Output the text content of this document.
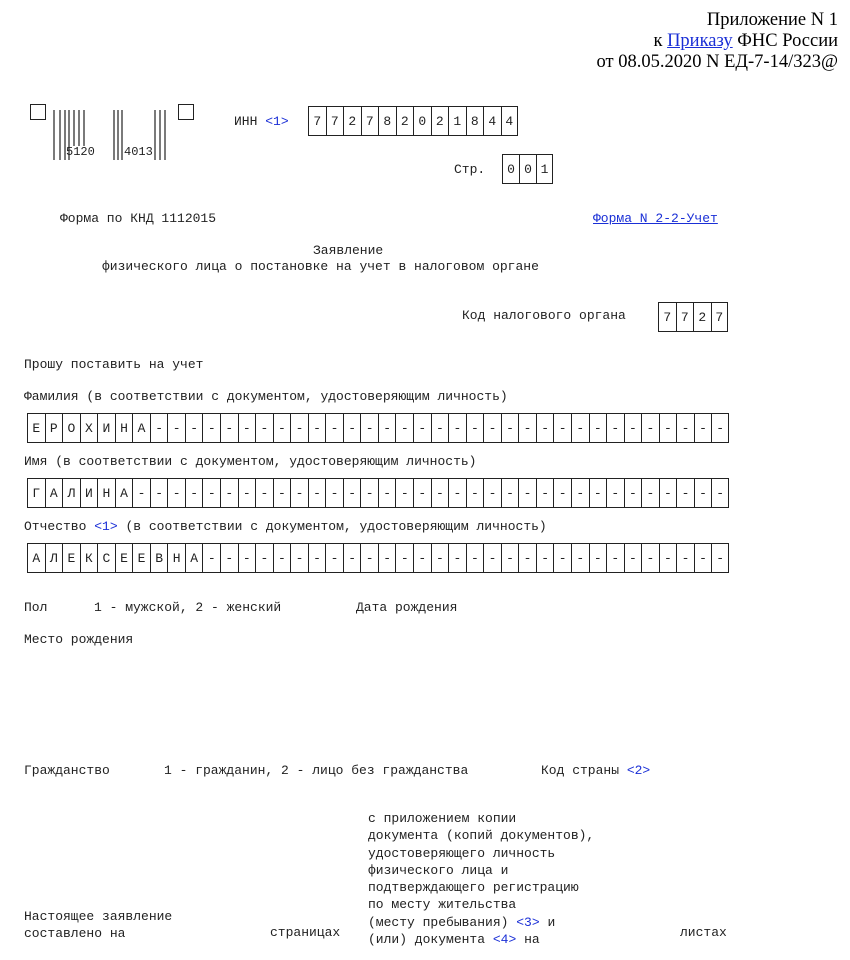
Приложение N 1
к Приказу ФНС России
от 08.05.2020 N ЕД-7-14/323@
5120 4013
ИНН <1>	7 7 2 7 8 2 0 2 1 8 4 4
Стр.	0 0 1
Форма по КНД 1112015	Форма N 2-2-Учет
Заявление
физического лица о постановке на учет в налоговом органе
Код налогового органа	7 7 2 7
Прошу поставить на учет
Фамилия (в соответствии с документом, удостоверяющим личность)
Е Р О Х И Н А - - - - - - - - - - - - - - - - - - - - - - - - - - - - - - - - -
Имя (в соответствии с документом, удостоверяющим личность)
Г А Л И Н А - - - - - - - - - - - - - - - - - - - - - - - - - - - - - - - - - -
Отчество <1> (в соответствии с документом, удостоверяющим личность)
А Л Е К С Е Е В Н А - - - - - - - - - - - - - - - - - - - - - - - - - - - - - -
Пол	1 - мужской, 2 - женский	Дата рождения
Место рождения
Гражданство	1 - гражданин, 2 - лицо без гражданства	Код страны <2>
с приложением копии
документа (копий документов),
удостоверяющего личность
физического лица и
подтверждающего регистрацию
по месту жительства
(месту пребывания) <3> и
(или) документа <4> на
Настоящее заявление
составлено на	страницах	листах
